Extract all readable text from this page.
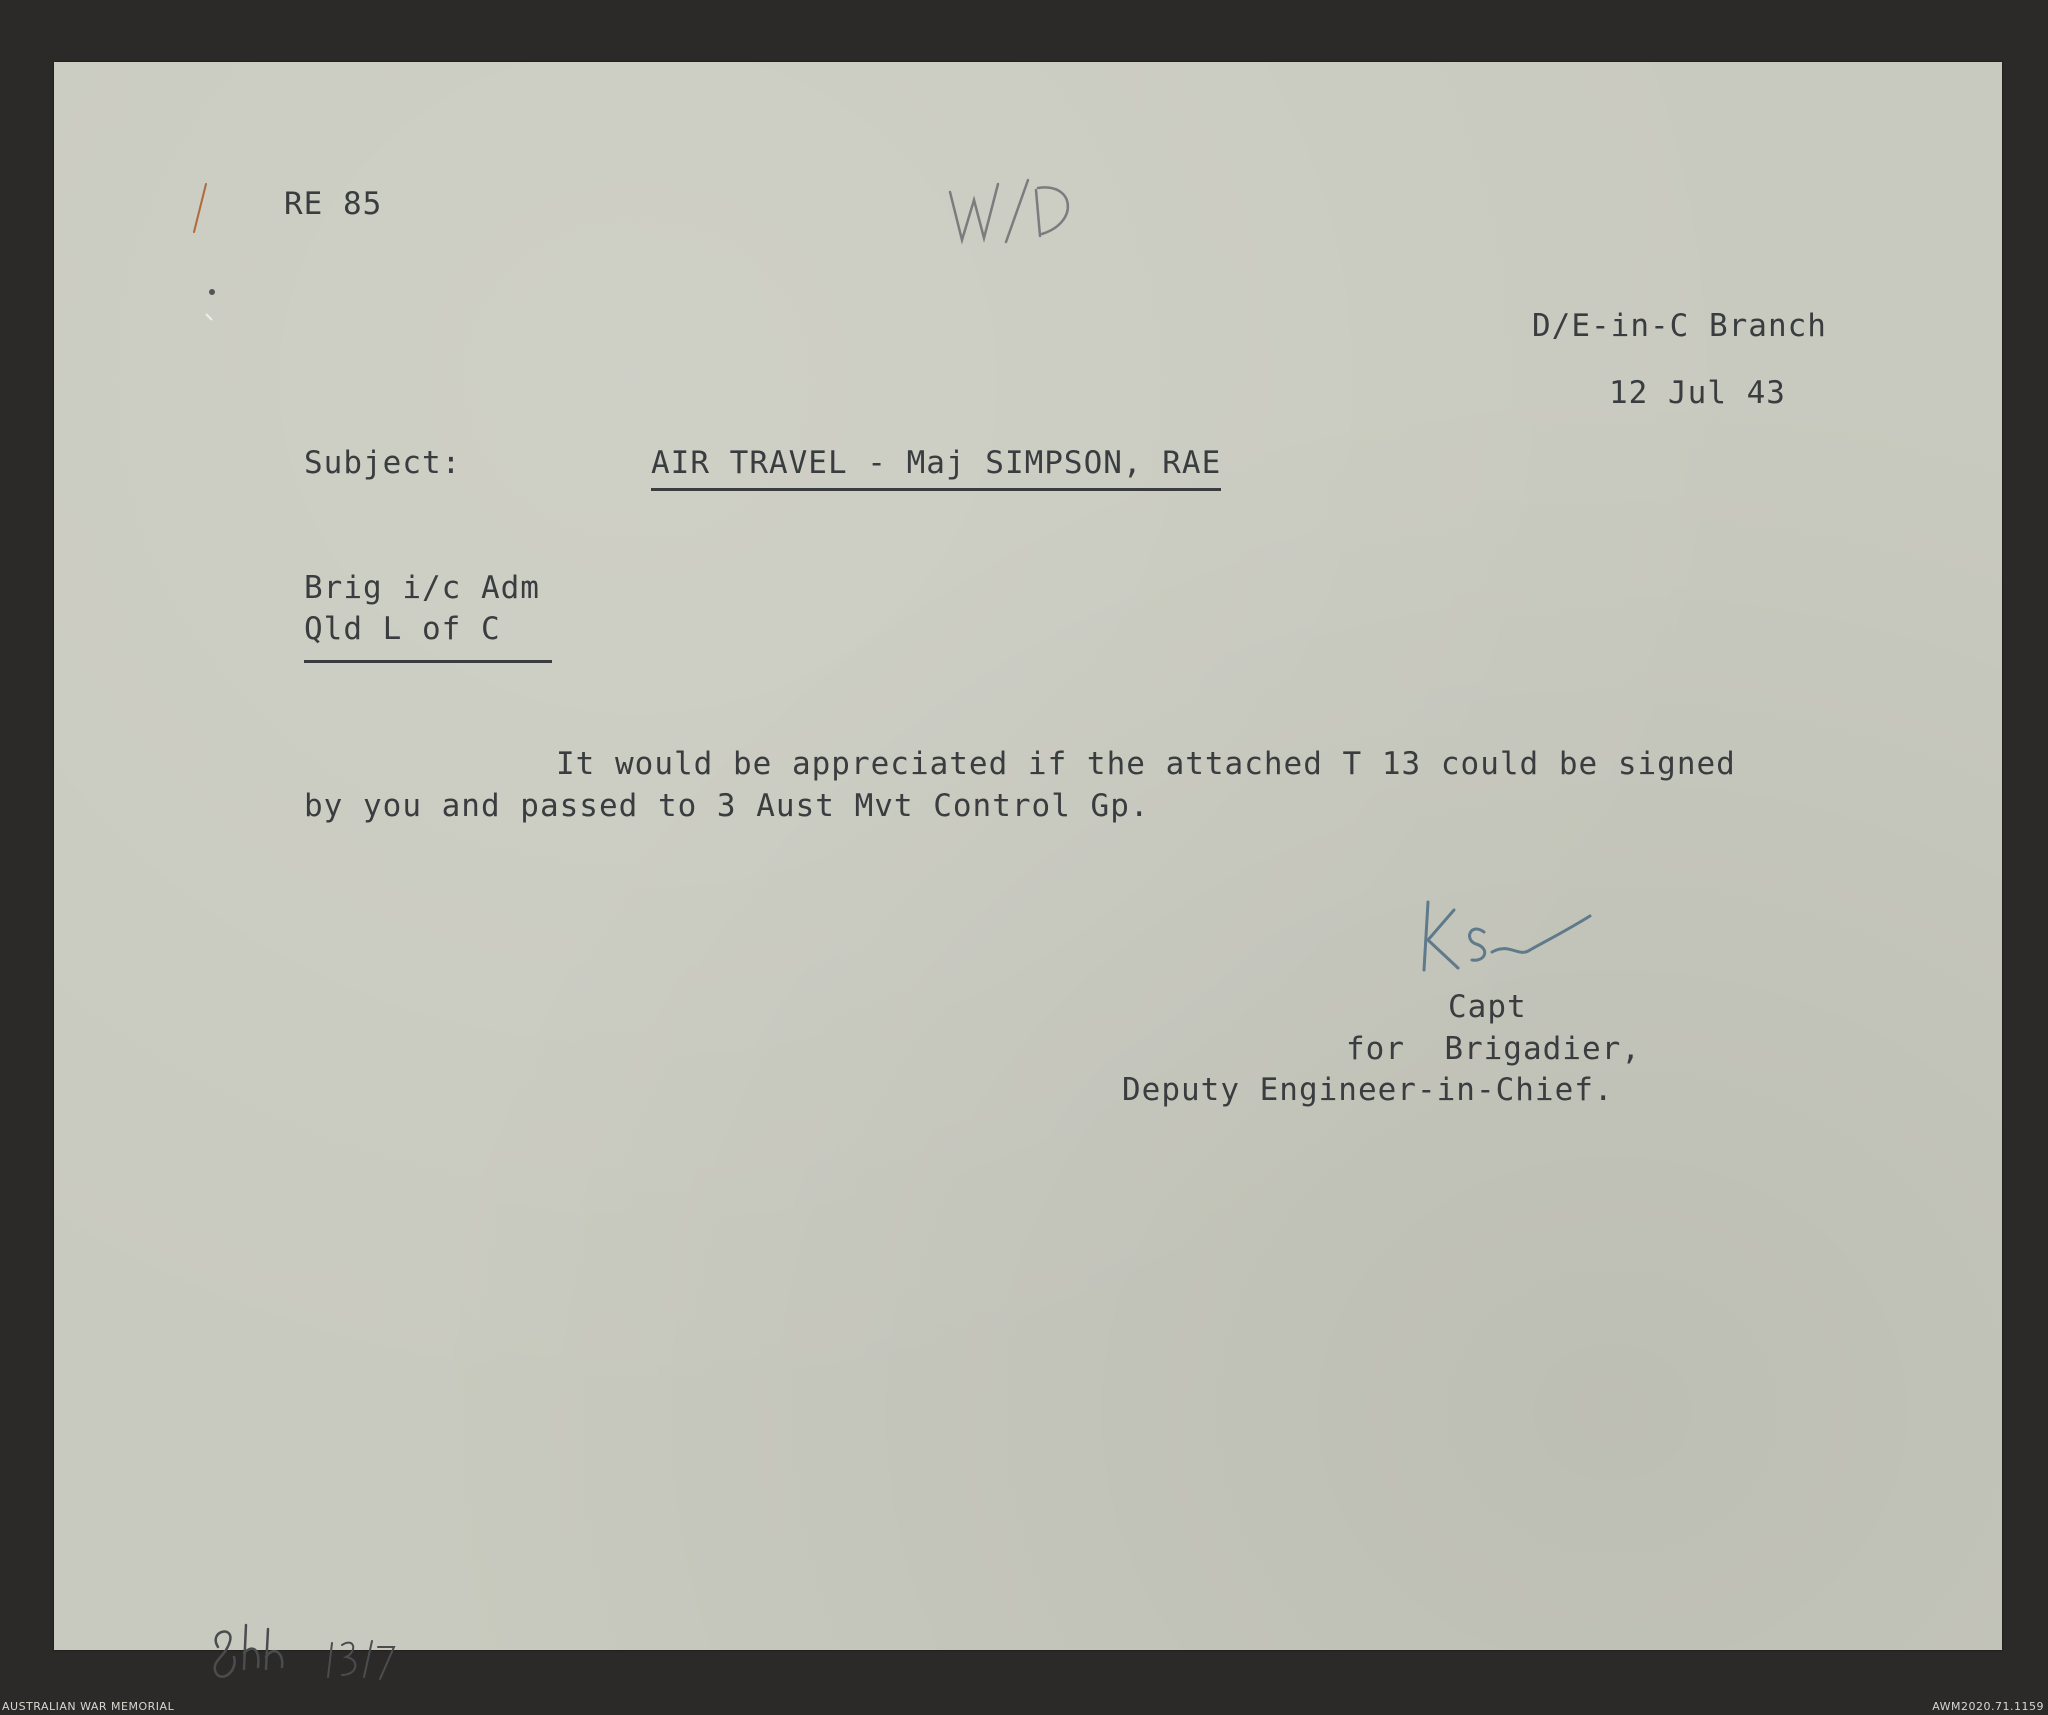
RE 85
D/E-in-C Branch
12 Jul 43
Subject:	AIR TRAVEL - Maj SIMPSON, RAE
Brig i/c Adm
Qld L of C
It would be appreciated if the attached T 13 could be signed
by you and passed to 3 Aust Mvt Control Gp.
Capt
for  Brigadier,
Deputy Engineer-in-Chief.
AUSTRALIAN WAR MEMORIAL	AWM2020.71.1159
